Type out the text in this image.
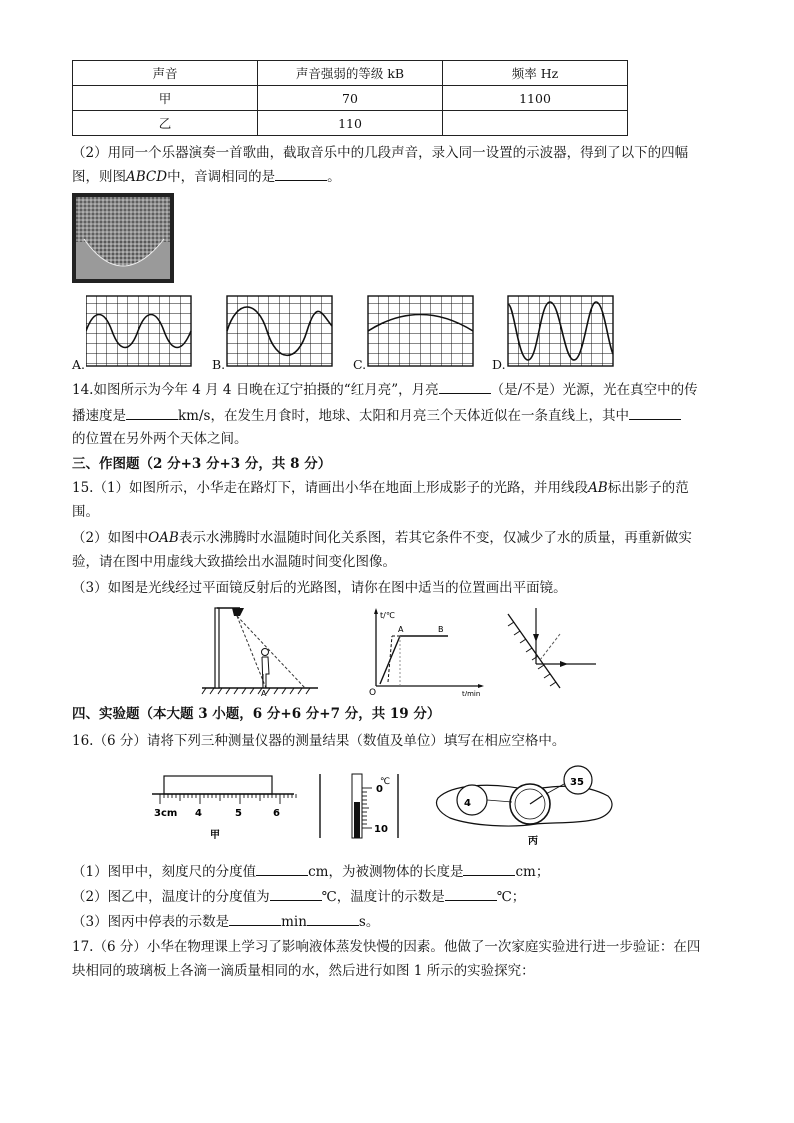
声音	声音强弱的等级 kB	频率 Hz
甲	70	1100
乙	110	
（2）用同一个乐器演奏一首歌曲，截取音乐中的几段声音，录入同一设置的示波器，得到了以下的四幅
图，则图ABCD中，音调相同的是	。
A.	B.	C.	D.
14.如图所示为今年 4 月 4 日晚在辽宁拍摄的“红月亮”，月亮	（是/不是）光源，光在真空中的传
播速度是	km/s，在发生月食时，地球、太阳和月亮三个天体近似在一条直线上，其中
的位置在另外两个天体之间。
三、作图题（2 分+3 分+3 分，共 8 分）
15.（1）如图所示，小华走在路灯下，请画出小华在地面上形成影子的光路，并用线段AB标出影子的范
围。
（2）如图中OAB表示水沸腾时水温随时间化关系图，若其它条件不变，仅减少了水的质量，再重新做实
验，请在图中用虚线大致描绘出水温随时间变化图像。
（3）如图是光线经过平面镜反射后的光路图，请你在图中适当的位置画出平面镜。
A
t/℃
t/min
O
A	B
四、实验题（本大题 3 小题，6 分+6 分+7 分，共 19 分）
16.（6 分）请将下列三种测量仪器的测量结果（数值及单位）填写在相应空格中。
3cm 4	5	6
甲
℃
0
10
4
35
丙
（1）图甲中，刻度尺的分度值	cm，为被测物体的长度是	cm；
（2）图乙中，温度计的分度值为	℃，温度计的示数是	℃；
（3）图丙中停表的示数是	min	s。
17.（6 分）小华在物理课上学习了影响液体蒸发快慢的因素。他做了一次家庭实验进行进一步验证：在四
块相同的玻璃板上各滴一滴质量相同的水，然后进行如图 1 所示的实验探究：
